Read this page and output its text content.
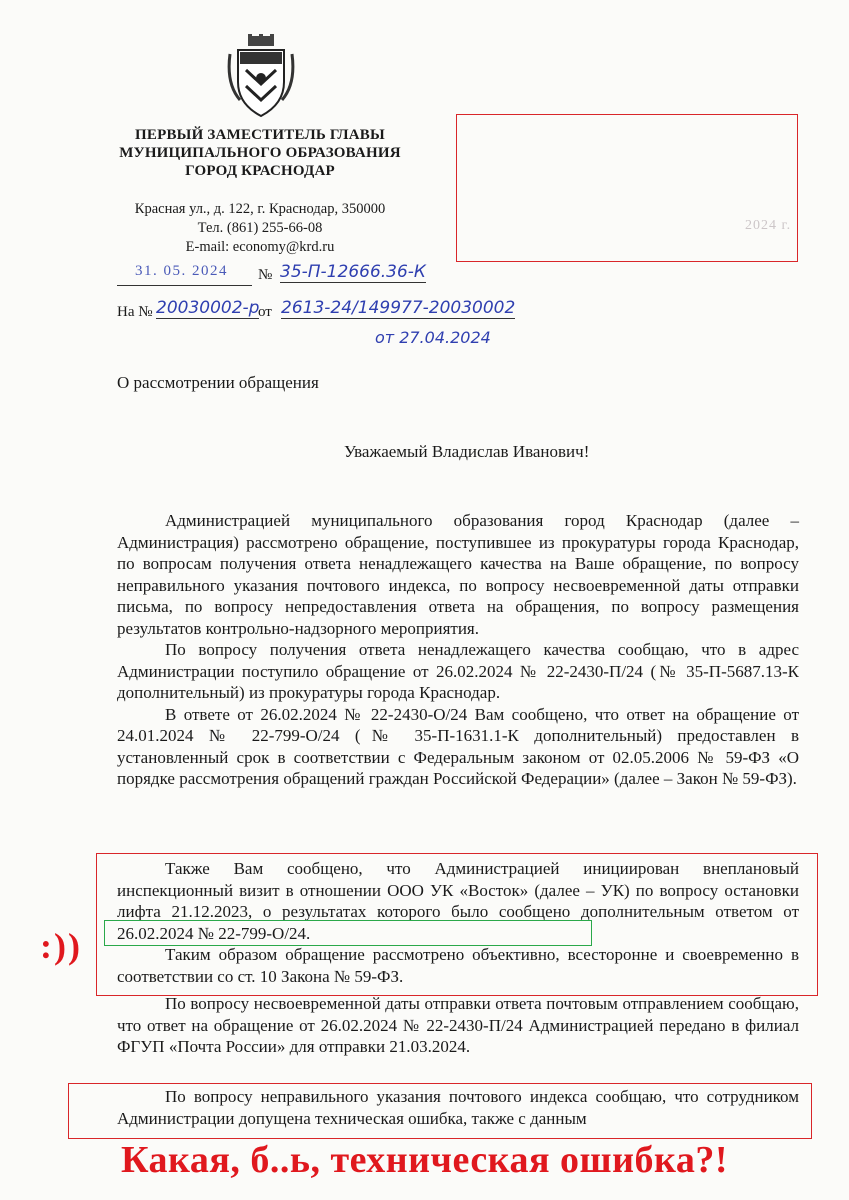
ПЕРВЫЙ ЗАМЕСТИТЕЛЬ ГЛАВЫ
МУНИЦИПАЛЬНОГО ОБРАЗОВАНИЯ
ГОРОД КРАСНОДАР
Красная ул., д. 122, г. Краснодар, 350000
Тел. (861) 255-66-08
E-mail: economy@krd.ru
2024 г.
31. 05. 2024 № 35-П-12666.36-К
На № 20030002-р
от 2613-24/149977-20030002
от 27.04.2024
О рассмотрении обращения
Уважаемый Владислав Иванович!

Администрацией муниципального образования город Краснодар (далее – Администрация) рассмотрено обращение, поступившее из прокуратуры города Краснодар, по вопросам получения ответа ненадлежащего качества на Ваше обращение, по вопросу неправильного указания почтового индекса, по вопросу несвоевременной даты отправки письма, по вопросу непредоставления ответа на обращения, по вопросу размещения результатов контрольно-надзорного мероприятия.

По вопросу получения ответа ненадлежащего качества сообщаю, что в адрес Администрации поступило обращение от 26.02.2024 № 22-2430-П/24 (№ 35-П-5687.13-К дополнительный) из прокуратуры города Краснодар.

В ответе от 26.02.2024 № 22-2430-О/24 Вам сообщено, что ответ на обращение от 24.01.2024 № 22-799-О/24 (№ 35-П-1631.1-К дополнительный) предоставлен в установленный срок в соответствии с Федеральным законом от 02.05.2006 № 59-ФЗ «О порядке рассмотрения обращений граждан Российской Федерации» (далее – Закон № 59-ФЗ).

Также Вам сообщено, что Администрацией инициирован внеплановый инспекционный визит в отношении ООО УК «Восток» (далее – УК) по вопросу остановки лифта 21.12.2023, о результатах которого было сообщено дополнительным ответом от 26.02.2024 № 22-799-О/24.

Таким образом обращение рассмотрено объективно, всесторонне и своевременно в соответствии со ст. 10 Закона № 59-ФЗ.

По вопросу несвоевременной даты отправки ответа почтовым отправлением сообщаю, что ответ на обращение от 26.02.2024 № 22-2430-П/24 Администрацией передано в филиал ФГУП «Почта России» для отправки 21.03.2024.

По вопросу неправильного указания почтового индекса сообщаю, что сотрудником Администрации допущена техническая ошибка, также с данным

:))
Какая, б..ь, техническая ошибка?!
